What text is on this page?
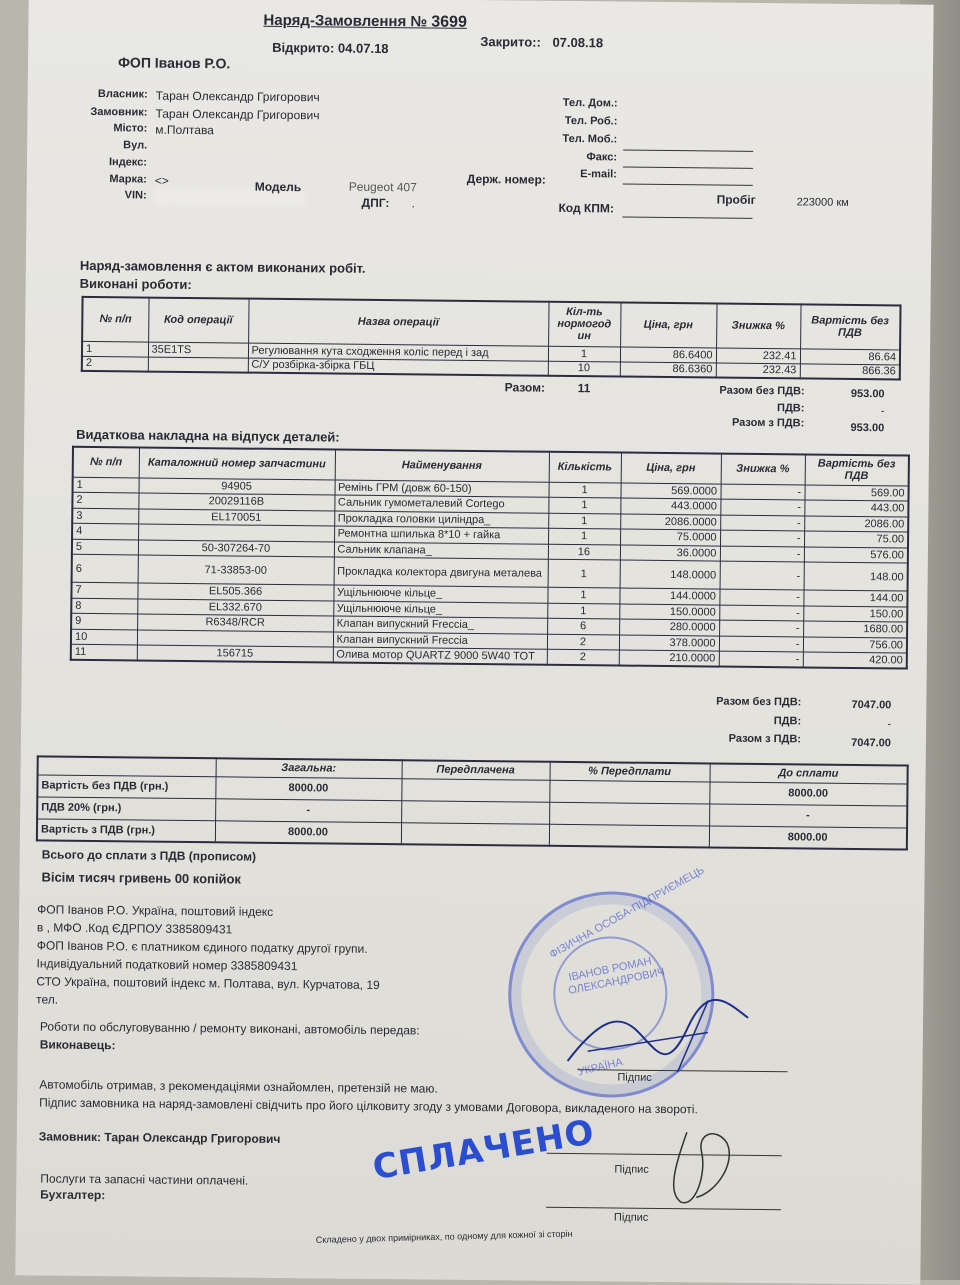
Наряд-Замовлення № 3699
Відкрито: 04.07.18	Закрито:: 07.08.18
ФОП Іванов Р.О.
Власник: Таран Олександр Григорович
Замовник: Таран Олександр Григорович
Місто: м.Полтава
Вул.
Індекс:
Марка: <>
VIN:
Модель	Peugeot 407
ДПГ: .
Держ. номер:
Тел. Дом.:
Тел. Роб.:
Тел. Моб.:
Факс:
E-mail:
Пробіг	223000 км
Код КПМ:
Наряд-замовлення є актом виконаних робіт.
Виконані роботи:
№ п/п	Код операції	Назва операції	Кіл-ть нормогод ин	Ціна, грн	Знижка %	Вартість без ПДВ
1	35E1TS	Регулювання кута сходження коліс перед і зад	1	86.6400	232.41	86.64
2		С/У розбірка-збірка ГБЦ	10	86.6360	232.43	866.36
Разом:	11	Разом без ПДВ:	953.00
ПДВ:	-
Разом з ПДВ:	953.00
Видаткова накладна на відпуск деталей:
№ п/п	Каталожний номер запчастини	Найменування	Кількість	Ціна, грн	Знижка %	Вартість без ПДВ
1	94905	Ремінь ГРМ (довж 60-150)	1	569.0000	-	569.00
2	20029116B	Сальник гумометалевий Cortego	1	443.0000	-	443.00
3	EL170051	Прокладка головки циліндра_	1	2086.0000	-	2086.00
4		Ремонтна шпилька 8*10 + гайка	1	75.0000	-	75.00
5	50-307264-70	Сальник клапана_	16	36.0000	-	576.00
6	71-33853-00	Прокладка колектора двигуна металева	1	148.0000	-	148.00
7	EL505.366	Ущільнююче кільце_	1	144.0000	-	144.00
8	EL332.670	Ущільнююче кільце_	1	150.0000	-	150.00
9	R6348/RCR	Клапан випускний Freccia_	6	280.0000	-	1680.00
10		Клапан випускний Freccia	2	378.0000	-	756.00
11	156715	Олива мотор QUARTZ 9000 5W40 TOT	2	210.0000	-	420.00
Разом без ПДВ:	7047.00
ПДВ:	-
Разом з ПДВ:	7047.00
	Загальна:	Передплачена	% Передплати	До сплати
Вартість без ПДВ (грн.)	8000.00			8000.00
ПДВ 20% (грн.)	-			-
Вартість з ПДВ (грн.)	8000.00			8000.00
Всього до сплати з ПДВ (прописом)
Вісім тисяч гривень 00 копійок
ФОП Іванов Р.О. Україна, поштовий індекс
в , МФО .Код ЄДРПОУ 3385809431
ФОП Іванов Р.О. є платником єдиного податку другої групи.
Індивідуальний податковий номер 3385809431
СТО Україна, поштовий індекс м. Полтава, вул. Курчатова, 19
тел.
Роботи по обслуговуванню / ремонту виконані, автомобіль передав:
Виконавець:
Підпис
Автомобіль отримав, з рекомендаціями ознайомлен, претензій не маю.
Підпис замовника на наряд-замовлені свідчить про його цілковиту згоду з умовами Договора, викладеного на звороті.
Замовник: Таран Олександр Григорович
Підпис
Послуги та запасні частини оплачені.
Бухгалтер:
Підпис
Складено у двох примірниках, по одному для кожної зі сторін
ФІЗИЧНА ОСОБА-ПІДПРИЄМЕЦЬ
ІВАНОВ РОМАН ОЛЕКСАНДРОВИЧ
УКРАЇНА
СПЛАЧЕНО
